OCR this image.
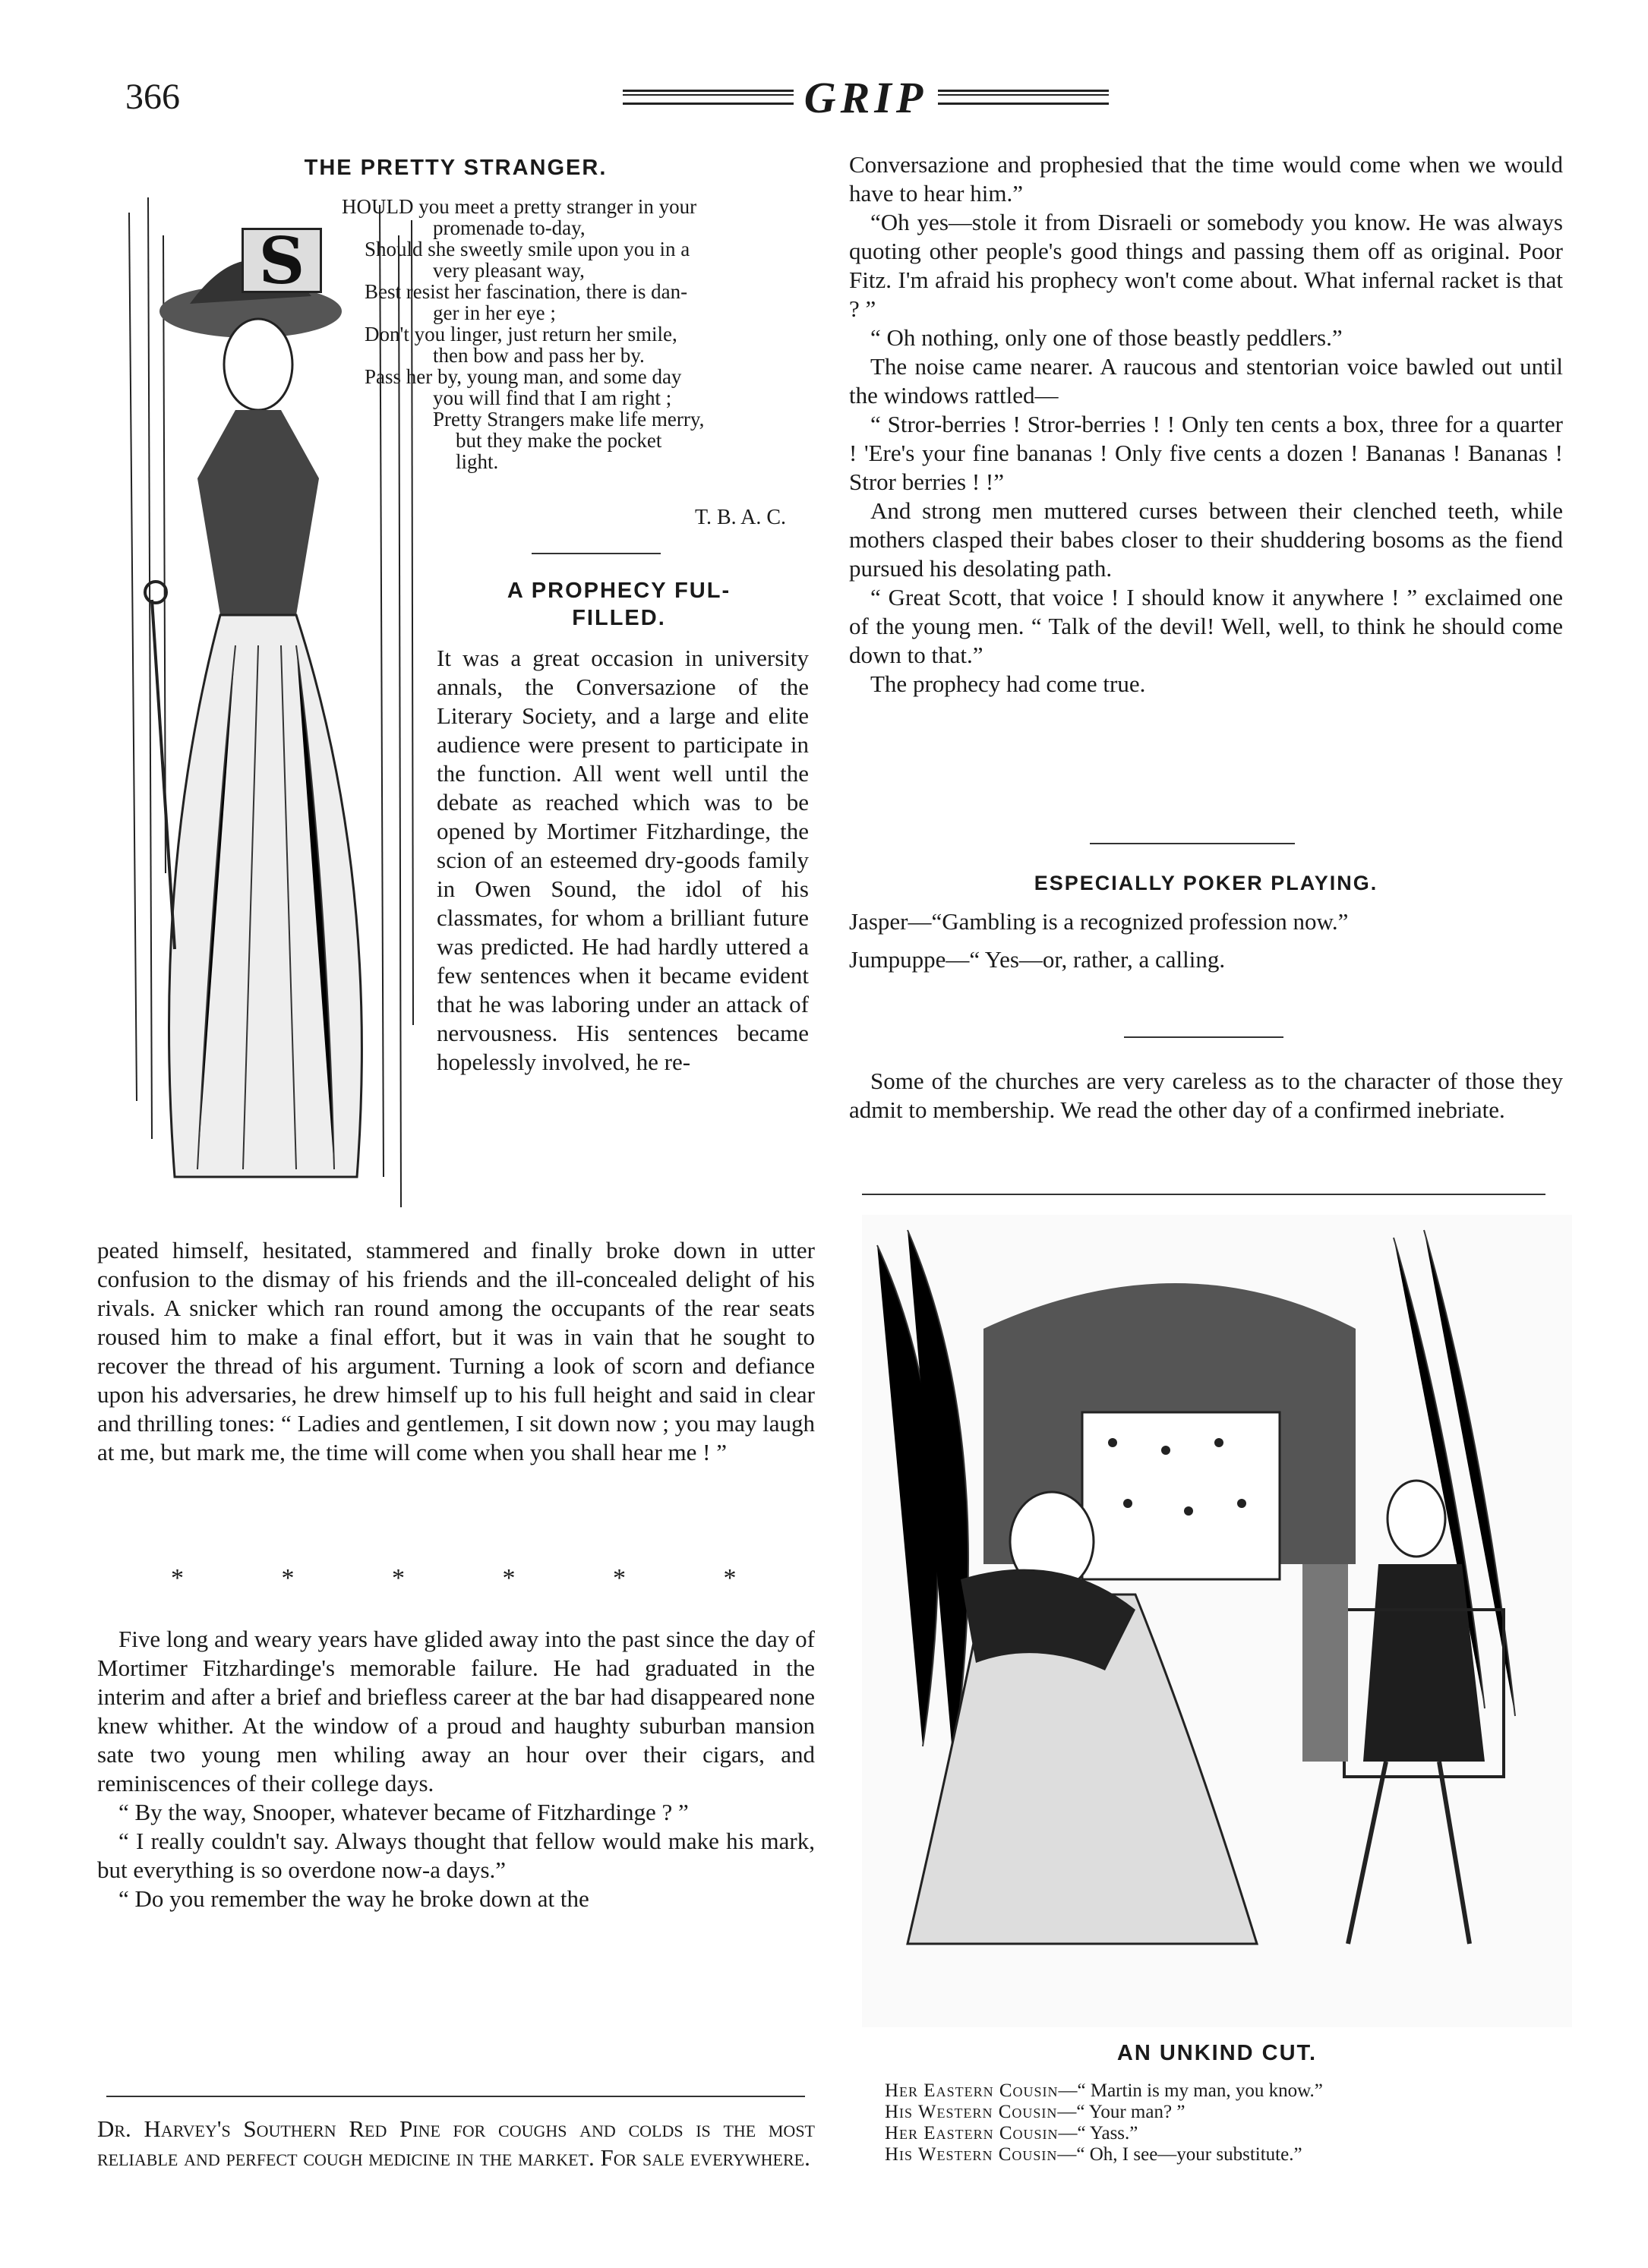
366	GRIP
THE PRETTY STRANGER.
S
HOULD you meet a pretty stranger in your
promenade to-day,
Should she sweetly smile upon you in a
very pleasant way,
Best resist her fascination, there is dan-
ger in her eye ;
Don't you linger, just return her smile,
then bow and pass her by.
Pass her by, young man, and some day
you will find that I am right ;
Pretty Strangers make life merry,
but they make the pocket
light.
T. B. A. C.
A PROPHECY FUL-
FILLED.

It was a great occasion in university annals, the Conversazione of the Literary Society, and a large and elite audience were present to participate in the function. All went well until the debate as reached which was to be opened by Mortimer Fitzhardinge, the scion of an esteemed dry-goods family in Owen Sound, the idol of his classmates, for whom a brilliant future was predicted. He had hardly uttered a few sentences when it became evident that he was laboring under an attack of nervousness. His sentences became hopelessly involved, he re-

peated himself, hesitated, stammered and finally broke down in utter confusion to the dismay of his friends and the ill-concealed delight of his rivals. A snicker which ran round among the occupants of the rear seats roused him to make a final effort, but it was in vain that he sought to recover the thread of his argument. Turning a look of scorn and defiance upon his adversaries, he drew himself up to his full height and said in clear and thrilling tones: “ Ladies and gentlemen, I sit down now ; you may laugh at me, but mark me, the time will come when you shall hear me ! ”

* * * * * *

Five long and weary years have glided away into the past since the day of Mortimer Fitzhardinge's memorable failure. He had graduated in the interim and after a brief and briefless career at the bar had disappeared none knew whither. At the window of a proud and haughty suburban mansion sate two young men whiling away an hour over their cigars, and reminiscences of their college days.

“ By the way, Snooper, whatever became of Fitzhardinge ? ”

“ I really couldn't say. Always thought that fellow would make his mark, but everything is so overdone now-a days.”

“ Do you remember the way he broke down at the

Dr. Harvey's Southern Red Pine for coughs and colds is the most reliable and perfect cough medicine in the market. For sale everywhere.

Conversazione and prophesied that the time would come when we would have to hear him.”

“Oh yes—stole it from Disraeli or somebody you know. He was always quoting other people's good things and passing them off as original. Poor Fitz. I'm afraid his prophecy won't come about. What infernal racket is that ? ”

“ Oh nothing, only one of those beastly peddlers.”

The noise came nearer. A raucous and stentorian voice bawled out until the windows rattled—

“ Stror-berries ! Stror-berries ! ! Only ten cents a box, three for a quarter ! 'Ere's your fine bananas ! Only five cents a dozen ! Bananas ! Bananas ! Stror berries ! !”

And strong men muttered curses between their clenched teeth, while mothers clasped their babes closer to their shuddering bosoms as the fiend pursued his desolating path.

“ Great Scott, that voice ! I should know it anywhere ! ” exclaimed one of the young men. “ Talk of the devil! Well, well, to think he should come down to that.”

The prophecy had come true.

ESPECIALLY POKER PLAYING.

Jasper—“Gambling is a recognized profession now.”

Jumpuppe—“ Yes—or, rather, a calling.

Some of the churches are very careless as to the character of those they admit to membership. We read the other day of a confirmed inebriate.

AN UNKIND CUT.
Her Eastern Cousin—“ Martin is my man, you know.”
His Western Cousin—“ Your man? ”
Her Eastern Cousin—“ Yass.”
His Western Cousin—“ Oh, I see—your substitute.”
